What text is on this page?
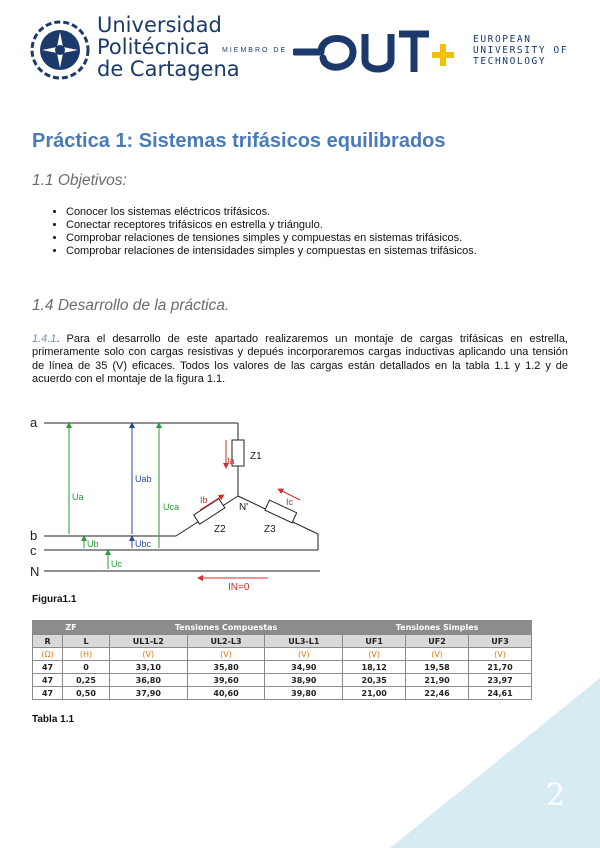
Universidad
Politécnica
de Cartagena
MIEMBRO DE
EUROPEAN
UNIVERSITY OF
TECHNOLOGY
Práctica 1: Sistemas trifásicos equilibrados
1.1 Objetivos:
• Conocer los sistemas eléctricos trifásicos.
• Conectar receptores trifásicos en estrella y triángulo.
• Comprobar relaciones de tensiones simples y compuestas en sistemas trifásicos.
• Comprobar relaciones de intensidades simples y compuestas en sistemas trifásicos.
1.4 Desarrollo de la práctica.

1.4.1. Para el desarrollo de este apartado realizaremos un montaje de cargas trifásicas en estrella, primeramente solo con cargas resistivas y depués incorporaremos cargas inductivas aplicando una tensión de línea de 35 (V) eficaces. Todos los valores de las cargas están detallados en la tabla 1.1 y 1.2 y de acuerdo con el montaje de la figura 1.1.

a
b
c
N
Ua
Uab
Uca
Ub	Ubc
Uc
Ia
Ib	Ic
Z1
Z2	Z3
N'
IN=0

Figura1.1

ZF		Tensiones Compuestas			Tensiones Simples		
R	L	UL1-L2	UL2-L3	UL3-L1	UF1	UF2	UF3
(Ω)	(H)	(V)	(V)	(V)	(V)	(V)	(V)
47	0	33,10	35,80	34,90	18,12	19,58	21,70
47	0,25	36,80	39,60	38,90	20,35	21,90	23,97
47	0,50	37,90	40,60	39,80	21,00	22,46	24,61

Tabla 1.1

2
